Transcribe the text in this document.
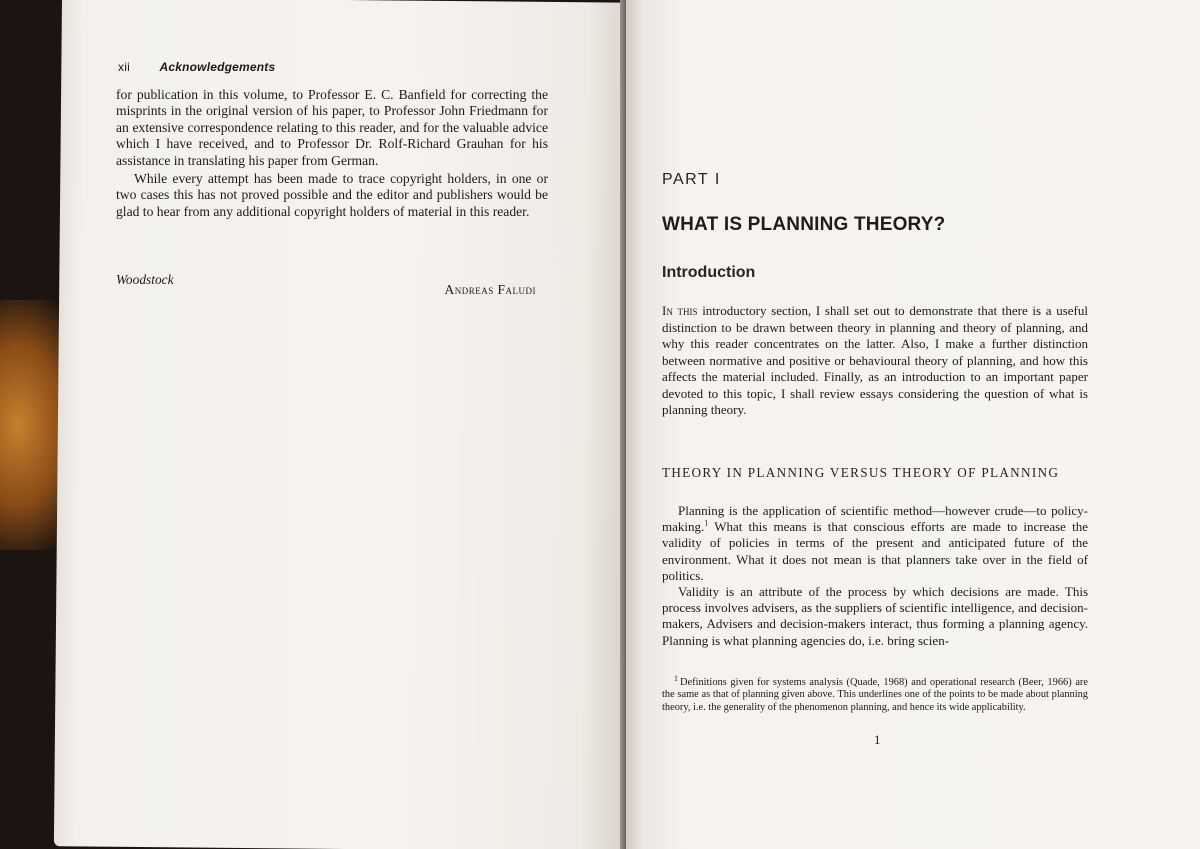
xii Acknowledgements

for publication in this volume, to Professor E. C. Banfield for correcting the misprints in the original version of his paper, to Professor John Friedmann for an extensive correspondence relating to this reader, and for the valuable advice which I have received, and to Professor Dr. Rolf-Richard Grauhan for his assistance in translating his paper from German.

While every attempt has been made to trace copyright holders, in one or two cases this has not proved possible and the editor and publishers would be glad to hear from any additional copyright holders of material in this reader.

Woodstock
Andreas Faludi
PART I
WHAT IS PLANNING THEORY?
Introduction

In this introductory section, I shall set out to demonstrate that there is a useful distinction to be drawn between theory in planning and theory of planning, and why this reader concentrates on the latter. Also, I make a further distinction between normative and positive or behavioural theory of planning, and how this affects the material included. Finally, as an introduction to an important paper devoted to this topic, I shall review essays considering the question of what is planning theory.

THEORY IN PLANNING VERSUS THEORY OF PLANNING

Planning is the application of scientific method—however crude—to policy-making.$^1$ What this means is that conscious efforts are made to increase the validity of policies in terms of the present and anticipated future of the environment. What it does not mean is that planners take over in the field of politics.

Validity is an attribute of the process by which decisions are made. This process involves advisers, as the suppliers of scientific intelligence, and decision-makers, Advisers and decision-makers interact, thus forming a planning agency. Planning is what planning agencies do, i.e. bring scien-

$^1$ Definitions given for systems analysis (Quade, 1968) and operational research (Beer, 1966) are the same as that of planning given above. This underlines one of the points to be made about planning theory, i.e. the generality of the phenomenon planning, and hence its wide applicability.

1
